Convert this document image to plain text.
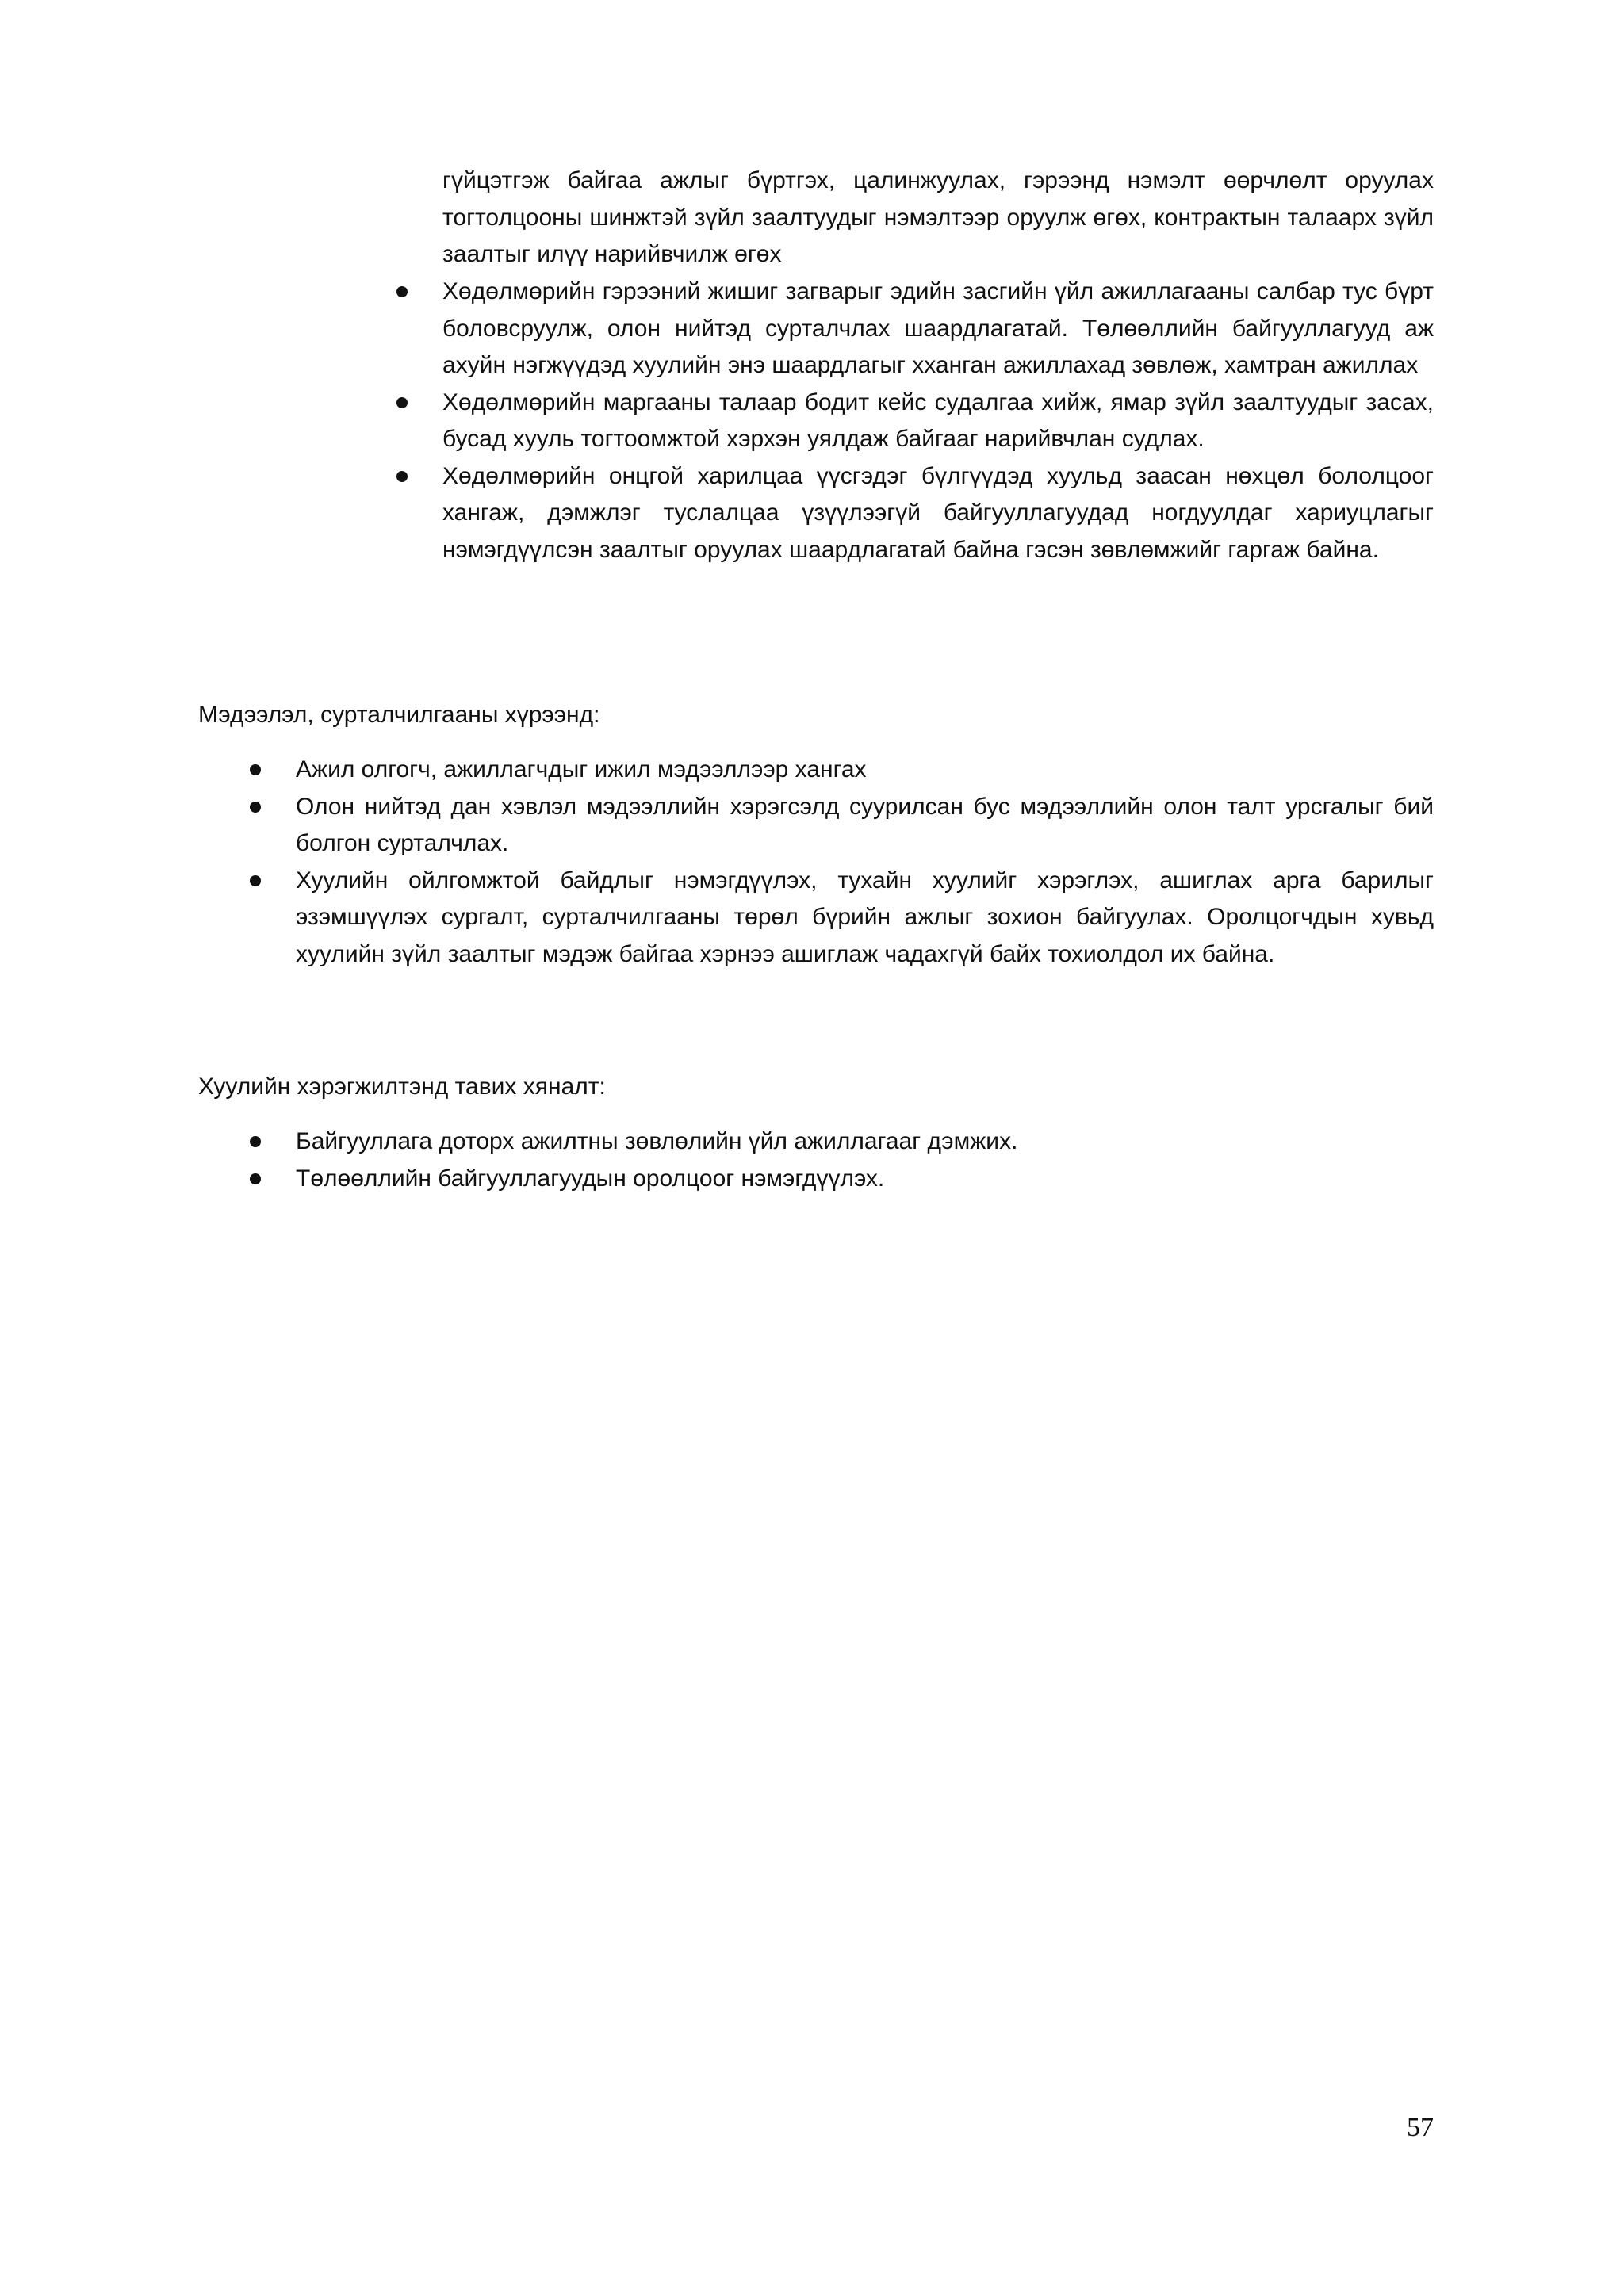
гүйцэтгэж байгаа ажлыг бүртгэх, цалинжуулах, гэрээнд нэмэлт өөрчлөлт оруулах тогтолцооны шинжтэй зүйл заалтуудыг нэмэлтээр оруулж өгөх, контрактын талаарх зүйл заалтыг илүү нарийвчилж өгөх

Хөдөлмөрийн гэрээний жишиг загварыг эдийн засгийн үйл ажиллагааны салбар тус бүрт боловсруулж, олон нийтэд сурталчлах шаардлагатай. Төлөөллийн байгууллагууд аж ахуйн нэгжүүдэд хуулийн энэ шаардлагыг хханган ажиллахад зөвлөж, хамтран ажиллах
Хөдөлмөрийн маргааны талаар бодит кейс судалгаа хийж, ямар зүйл заалтуудыг засах, бусад хууль тогтоомжтой хэрхэн уялдаж байгааг нарийвчлан судлах.
Хөдөлмөрийн онцгой харилцаа үүсгэдэг бүлгүүдэд хуульд заасан нөхцөл бололцоог хангаж, дэмжлэг туслалцаа үзүүлээгүй байгууллагуудад ногдуулдаг хариуцлагыг нэмэгдүүлсэн заалтыг оруулах шаардлагатай байна гэсэн зөвлөмжийг гаргаж байна.
Мэдээлэл, сурталчилгааны хүрээнд:
Ажил олгогч, ажиллагчдыг ижил мэдээллээр хангах
Олон нийтэд дан хэвлэл мэдээллийн хэрэгсэлд суурилсан бус мэдээллийн олон талт урсгалыг бий болгон сурталчлах.
Хуулийн ойлгомжтой байдлыг нэмэгдүүлэх, тухайн хуулийг хэрэглэх, ашиглах арга барилыг эзэмшүүлэх сургалт, сурталчилгааны төрөл бүрийн ажлыг зохион байгуулах. Оролцогчдын хувьд хуулийн зүйл заалтыг мэдэж байгаа хэрнээ ашиглаж чадахгүй байх тохиолдол их байна.
Хуулийн хэрэгжилтэнд тавих хяналт:
Байгууллага доторх ажилтны зөвлөлийн үйл ажиллагааг дэмжих.
Төлөөллийн байгууллагуудын оролцоог нэмэгдүүлэх.
57
